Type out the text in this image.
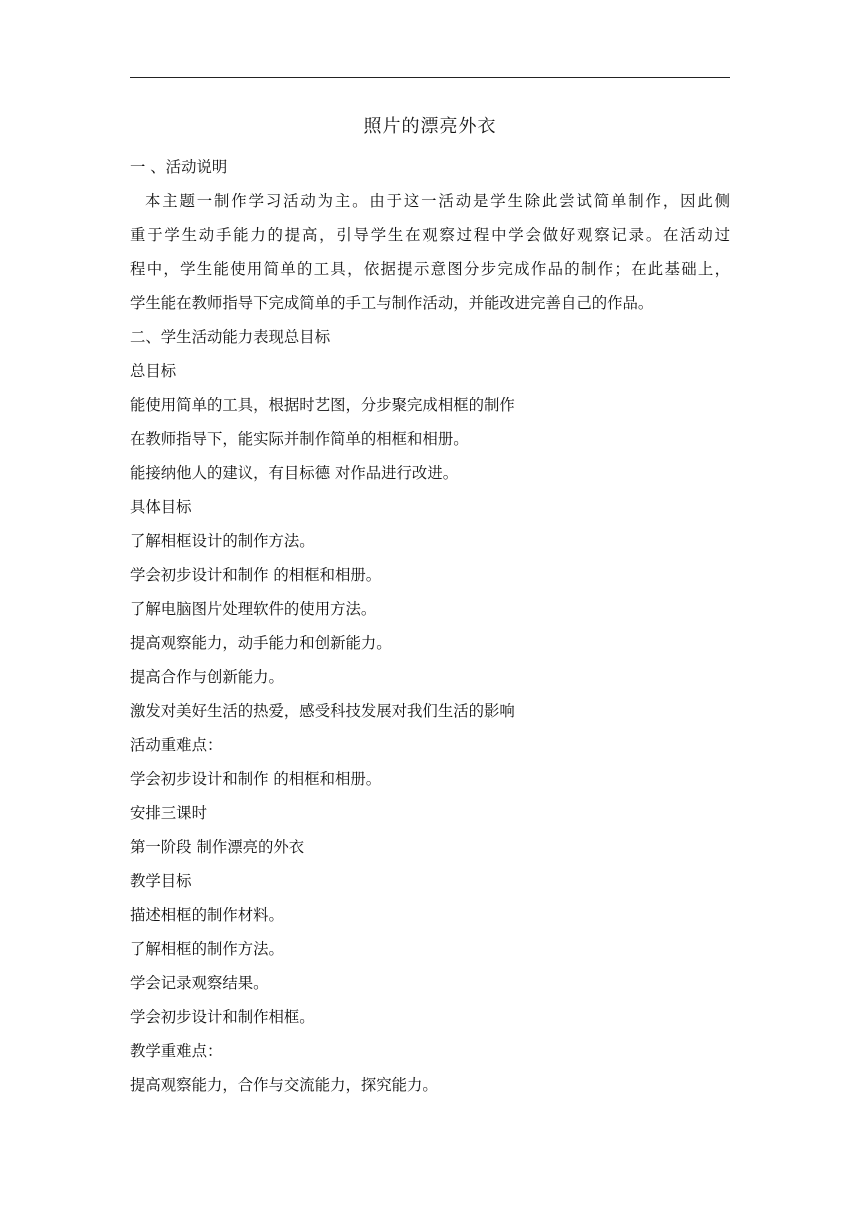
照片的漂亮外衣
一 、活动说明
本主题一制作学习活动为主。由于这一活动是学生除此尝试简单制作，因此侧
重于学生动手能力的提高，引导学生在观察过程中学会做好观察记录。在活动过
程中，学生能使用简单的工具，依据提示意图分步完成作品的制作；在此基础上，
学生能在教师指导下完成简单的手工与制作活动，并能改进完善自己的作品。
二、学生活动能力表现总目标
总目标
能使用简单的工具，根据时艺图，分步聚完成相框的制作
在教师指导下，能实际并制作简单的相框和相册。
能接纳他人的建议，有目标德 对作品进行改进。
具体目标
了解相框设计的制作方法。
学会初步设计和制作 的相框和相册。
了解电脑图片处理软件的使用方法。
提高观察能力，动手能力和创新能力。
提高合作与创新能力。
激发对美好生活的热爱，感受科技发展对我们生活的影响
活动重难点：
学会初步设计和制作 的相框和相册。
安排三课时
第一阶段 制作漂亮的外衣
教学目标
描述相框的制作材料。
了解相框的制作方法。
学会记录观察结果。
学会初步设计和制作相框。
教学重难点：
提高观察能力，合作与交流能力，探究能力。
